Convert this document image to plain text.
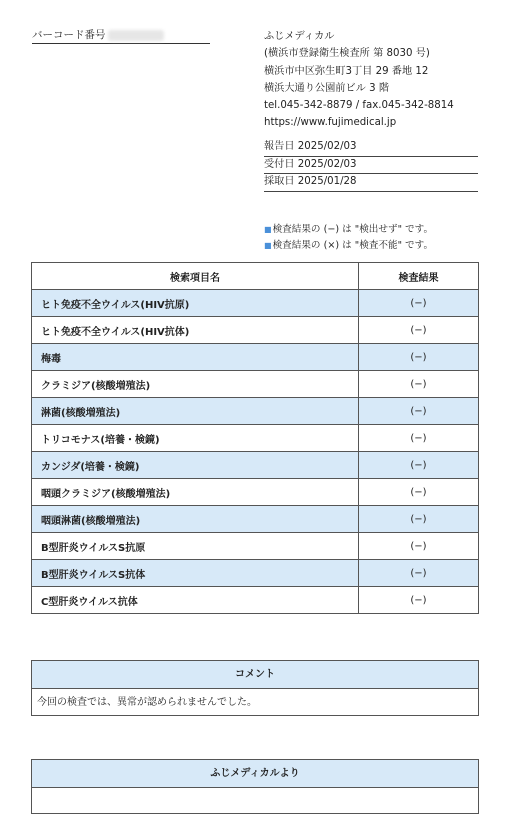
バーコード番号	ふじメディカル
(横浜市登録衛生検査所 第 8030 号)
横浜市中区弥生町3丁目 29 番地 12
横浜大通り公園前ビル 3 階
tel.045-342-8879 / fax.045-342-8814
https://www.fujimedical.jp
報告日 2025/02/03
受付日 2025/02/03
採取日 2025/01/28
■検査結果の (−) は "検出せず" です。
■検査結果の (×) は "検査不能" です。
検索項目名	検査結果
ヒト免疫不全ウイルス(HIV抗原)	(−)
ヒト免疫不全ウイルス(HIV抗体)	(−)
梅毒	(−)
クラミジア(核酸増殖法)	(−)
淋菌(核酸増殖法)	(−)
トリコモナス(培養・検鏡)	(−)
カンジダ(培養・検鏡)	(−)
咽頭クラミジア(核酸増殖法)	(−)
咽頭淋菌(核酸増殖法)	(−)
B型肝炎ウイルスS抗原	(−)
B型肝炎ウイルスS抗体	(−)
C型肝炎ウイルス抗体	(−)
コメント
今回の検査では、異常が認められませんでした。
ふじメディカルより
